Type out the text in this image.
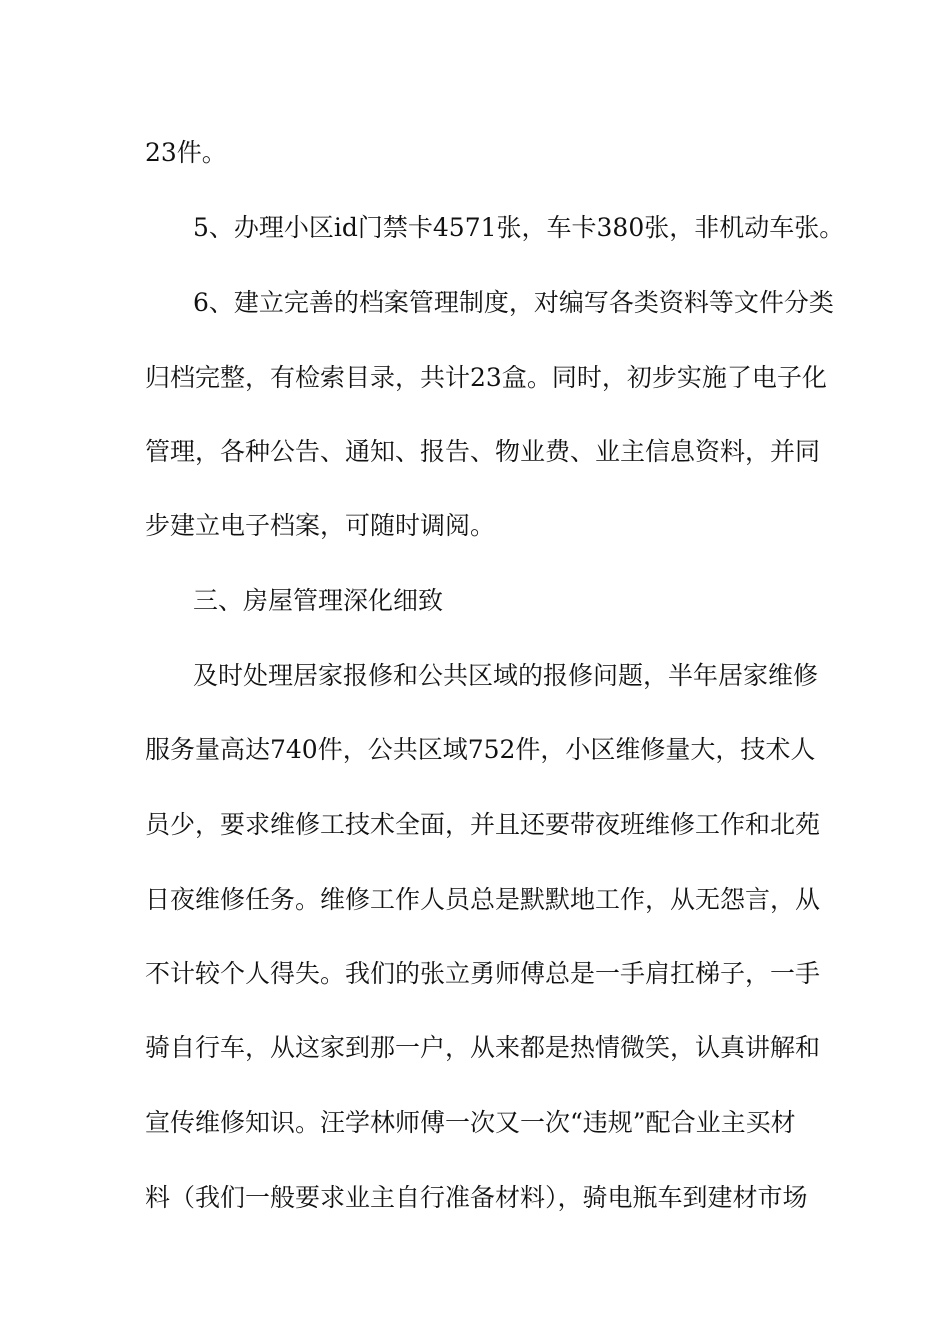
23件。
5、办理小区id门禁卡4571张，车卡380张，非机动车张。
6、建立完善的档案管理制度，对编写各类资料等文件分类
归档完整，有检索目录，共计23盒。同时，初步实施了电子化
管理，各种公告、通知、报告、物业费、业主信息资料，并同
步建立电子档案，可随时调阅。
三、房屋管理深化细致
及时处理居家报修和公共区域的报修问题，半年居家维修
服务量高达740件，公共区域752件，小区维修量大，技术人
员少，要求维修工技术全面，并且还要带夜班维修工作和北苑
日夜维修任务。维修工作人员总是默默地工作，从无怨言，从
不计较个人得失。我们的张立勇师傅总是一手肩扛梯子，一手
骑自行车，从这家到那一户，从来都是热情微笑，认真讲解和
宣传维修知识。汪学林师傅一次又一次“违规”配合业主买材
料（我们一般要求业主自行准备材料），骑电瓶车到建材市场
